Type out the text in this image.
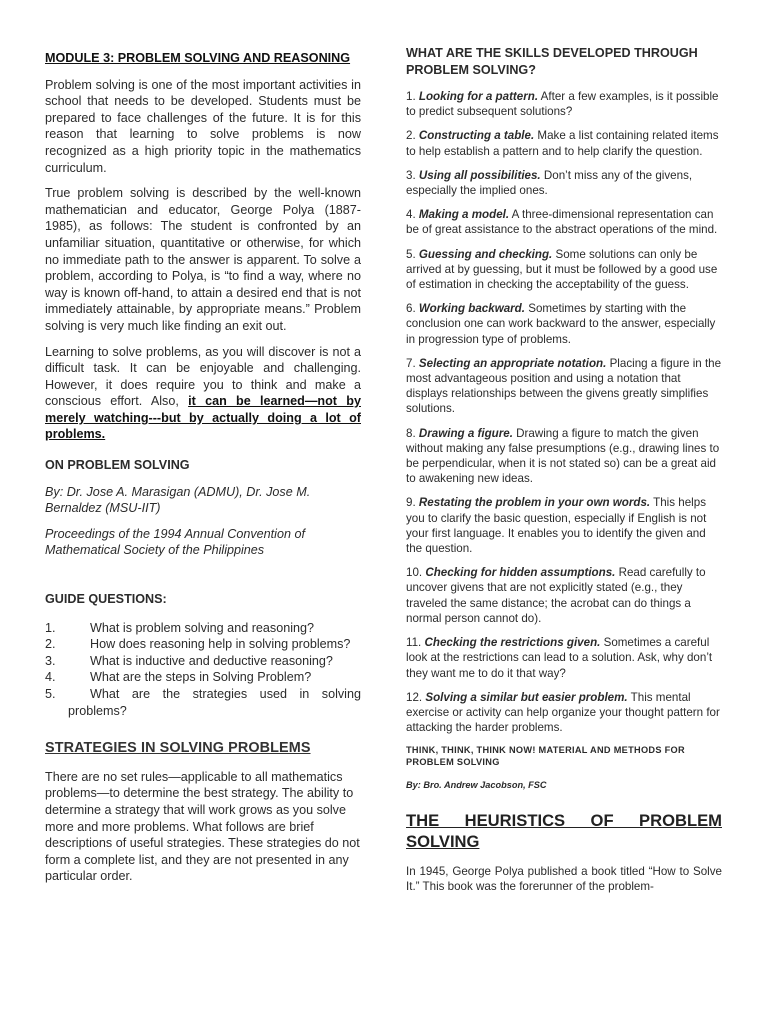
MODULE 3: PROBLEM SOLVING AND REASONING

Problem solving is one of the most important activities in school that needs to be developed. Students must be prepared to face challenges of the future. It is for this reason that learning to solve problems is now recognized as a high priority topic in the mathematics curriculum.

True problem solving is described by the well-known mathematician and educator, George Polya (1887-1985), as follows: The student is confronted by an unfamiliar situation, quantitative or otherwise, for which no immediate path to the answer is apparent. To solve a problem, according to Polya, is “to find a way, where no way is known off-hand, to attain a desired end that is not immediately attainable, by appropriate means.” Problem solving is very much like finding an exit out.

Learning to solve problems, as you will discover is not a difficult task. It can be enjoyable and challenging. However, it does require you to think and make a conscious effort. Also, it can be learned—not by merely watching---but by actually doing a lot of problems.

ON PROBLEM SOLVING

By: Dr. Jose A. Marasigan (ADMU), Dr. Jose M. Bernaldez (MSU-IIT)

Proceedings of the 1994 Annual Convention of Mathematical Society of the Philippines

GUIDE QUESTIONS:
1.	What is problem solving and reasoning?
2.	How does reasoning help in solving problems?
3.	What is inductive and deductive reasoning?
4.	What are the steps in Solving Problem?
5.	What are the strategies used in solving problems?
STRATEGIES IN SOLVING PROBLEMS

There are no set rules—applicable to all mathematics problems—to determine the best strategy. The ability to determine a strategy that will work grows as you solve more and more problems. What follows are brief descriptions of useful strategies. These strategies do not form a complete list, and they are not presented in any particular order.

WHAT ARE THE SKILLS DEVELOPED THROUGH PROBLEM SOLVING?

1. Looking for a pattern. After a few examples, is it possible to predict subsequent solutions?

2. Constructing a table. Make a list containing related items to help establish a pattern and to help clarify the question.

3. Using all possibilities. Don’t miss any of the givens, especially the implied ones.

4. Making a model. A three-dimensional representation can be of great assistance to the abstract operations of the mind.

5. Guessing and checking. Some solutions can only be arrived at by guessing, but it must be followed by a good use of estimation in checking the acceptability of the guess.

6. Working backward. Sometimes by starting with the conclusion one can work backward to the answer, especially in progression type of problems.

7. Selecting an appropriate notation. Placing a figure in the most advantageous position and using a notation that displays relationships between the givens greatly simplifies solutions.

8. Drawing a figure. Drawing a figure to match the given without making any false presumptions (e.g., drawing lines to be perpendicular, when it is not stated so) can be a great aid to awakening new ideas.

9. Restating the problem in your own words. This helps you to clarify the basic question, especially if English is not your first language. It enables you to identify the given and the question.

10. Checking for hidden assumptions. Read carefully to uncover givens that are not explicitly stated (e.g., they traveled the same distance; the acrobat can do things a normal person cannot do).

11. Checking the restrictions given. Sometimes a careful look at the restrictions can lead to a solution. Ask, why don’t they want me to do it that way?

12. Solving a similar but easier problem. This mental exercise or activity can help organize your thought pattern for attacking the harder problems.

THINK, THINK, THINK NOW! MATERIAL AND METHODS FOR PROBLEM SOLVING
By: Bro. Andrew Jacobson, FSC
THE HEURISTICS OF PROBLEM SOLVING

In 1945, George Polya published a book titled “How to Solve It.” This book was the forerunner of the problem-
